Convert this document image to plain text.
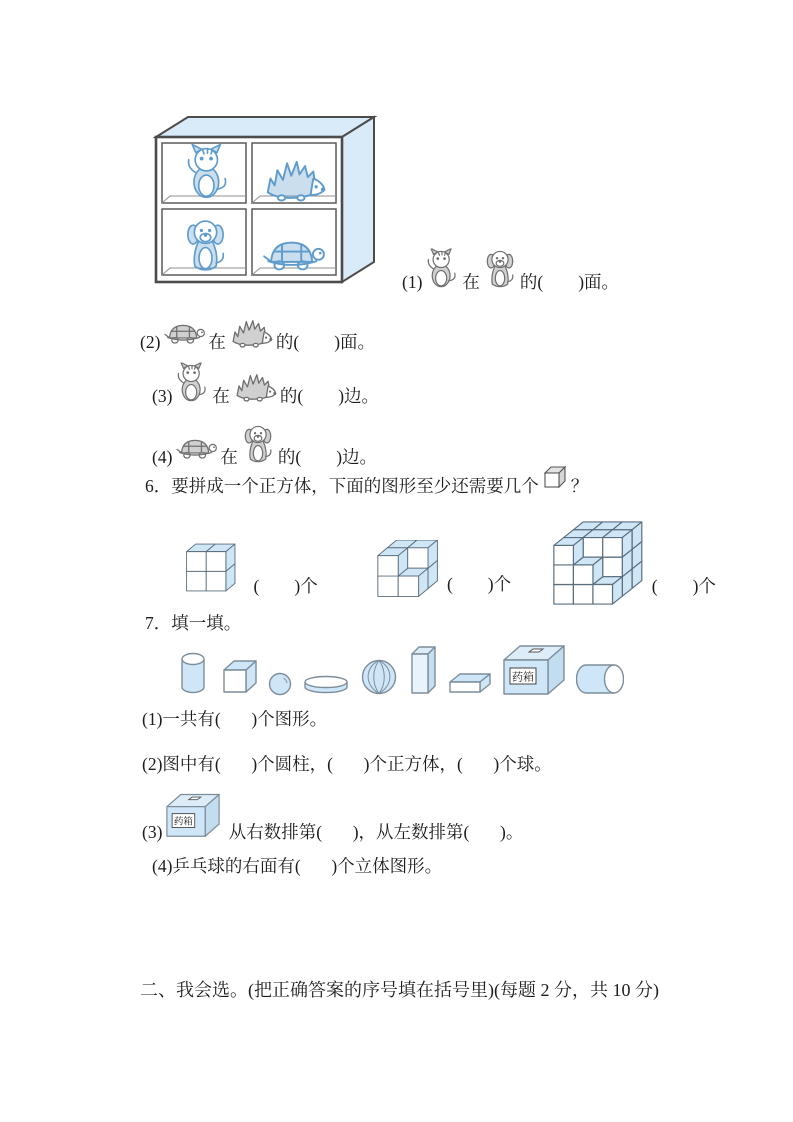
(1) 在 的(        )面。
(2)	在	的(        )面。
(3) 在	的(        )边。
(4)	在 的(        )边。
6．要拼成一个正方体，下面的图形至少还需要几个 ？
(        )个	(        )个	(        )个
7．填一填。
药箱
(1)一共有(       )个图形。
(2)图中有(       )个圆柱，(       )个正方体，(       )个球。
(3) 药箱 从右数排第(       )，从左数排第(       )。
(4)乒乓球的右面有(       )个立体图形。
二、我会选。(把正确答案的序号填在括号里)(每题 2 分，共 10 分)
